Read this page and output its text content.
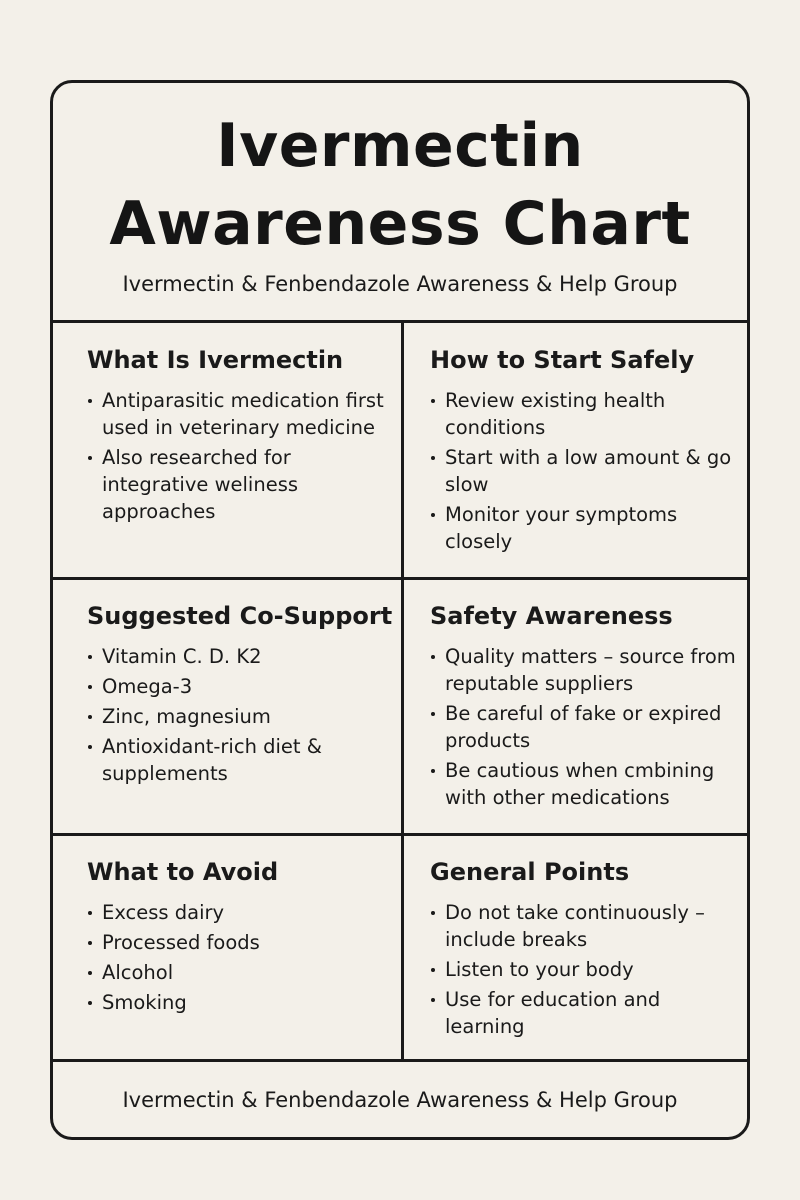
Ivermectin
Awareness Chart
Ivermectin & Fenbendazole Awareness & Help Group
What Is Ivermectin
Antiparasitic medication first used in veterinary medicine
Also researched for integrative weliness approaches
How to Start Safely
Review existing health conditions
Start with a low amount & go slow
Monitor your symptoms closely
Suggested Co-Support
Vitamin C. D. K2
Omega-3
Zinc, magnesium
Antioxidant-rich diet & supplements
Safety Awareness
Quality matters – source from reputable suppliers
Be careful of fake or expired products
Be cautious when cmbining with other medications
What to Avoid
Excess dairy
Processed foods
Alcohol
Smoking
General Points
Do not take continuously – include breaks
Listen to your body
Use for education and learning
Ivermectin & Fenbendazole Awareness & Help Group
